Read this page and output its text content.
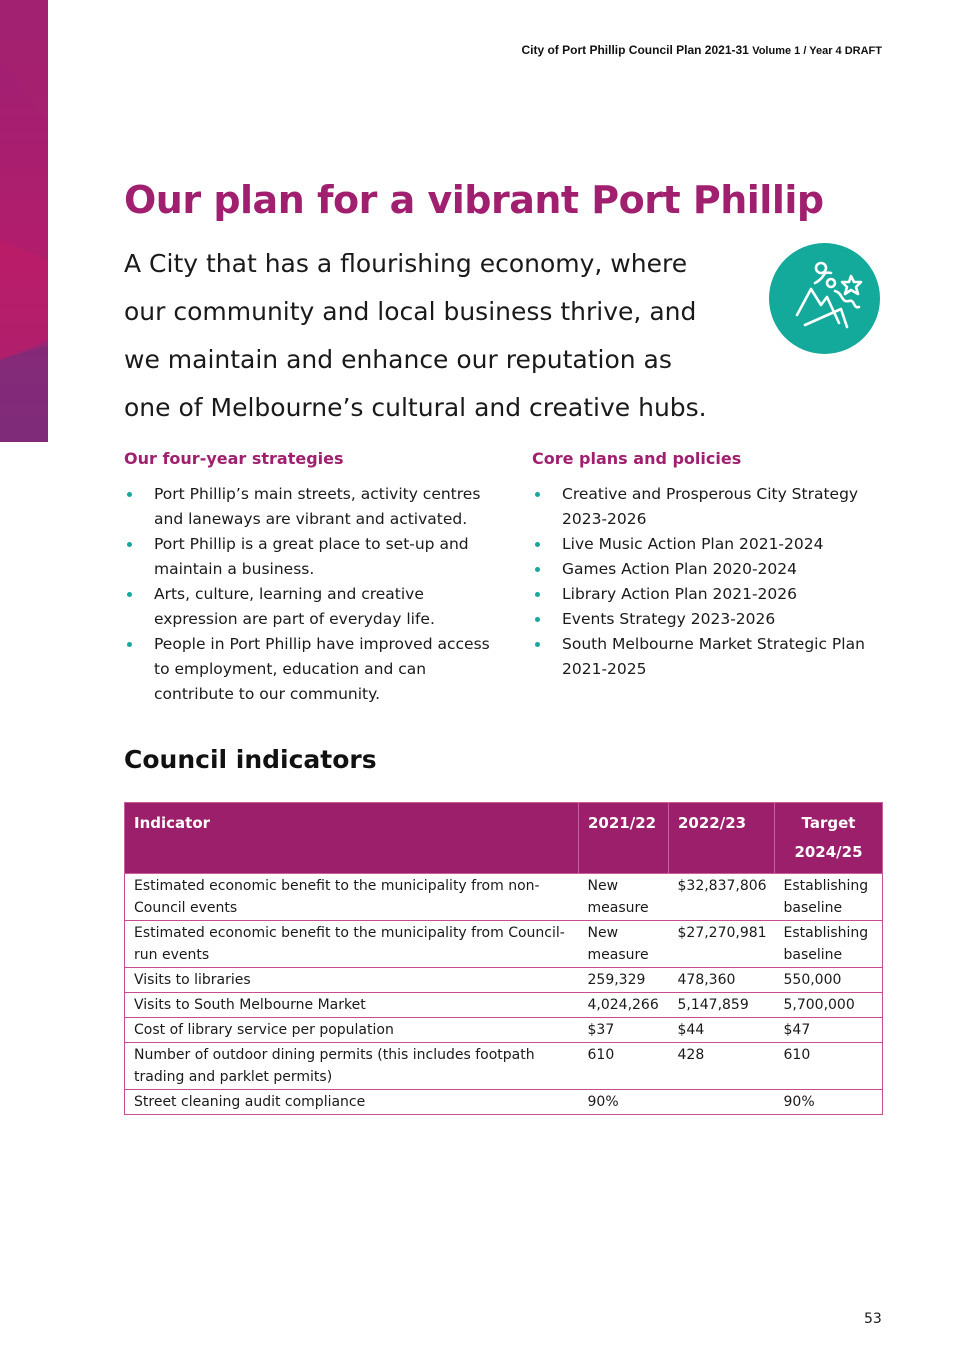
City of Port Phillip Council Plan 2021-31 Volume 1 / Year 4 DRAFT
Our plan for a vibrant Port Phillip

A City that has a flourishing economy, where
our community and local business thrive, and
we maintain and enhance our reputation as
one of Melbourne’s cultural and creative hubs.

Our four-year strategies
Port Phillip’s main streets, activity centres and laneways are vibrant and activated.
Port Phillip is a great place to set-up and maintain a business.
Arts, culture, learning and creative expression are part of everyday life.
People in Port Phillip have improved access to employment, education and can contribute to our community.
Core plans and policies
Creative and Prosperous City Strategy 2023-2026
Live Music Action Plan 2021-2024
Games Action Plan 2020-2024
Library Action Plan 2021-2026
Events Strategy 2023-2026
South Melbourne Market Strategic Plan 2021-2025
Council indicators
Indicator	2021/22	2022/23	Target 2024/25
Estimated economic benefit to the municipality from non-Council events	New measure	$32,837,806	Establishing baseline
Estimated economic benefit to the municipality from Council-run events	New measure	$27,270,981	Establishing baseline
Visits to libraries	259,329	478,360	550,000
Visits to South Melbourne Market	4,024,266	5,147,859	5,700,000
Cost of library service per population	$37	$44	$47
Number of outdoor dining permits (this includes footpath trading and parklet permits)	610	428	610
Street cleaning audit compliance	90%		90%
53
